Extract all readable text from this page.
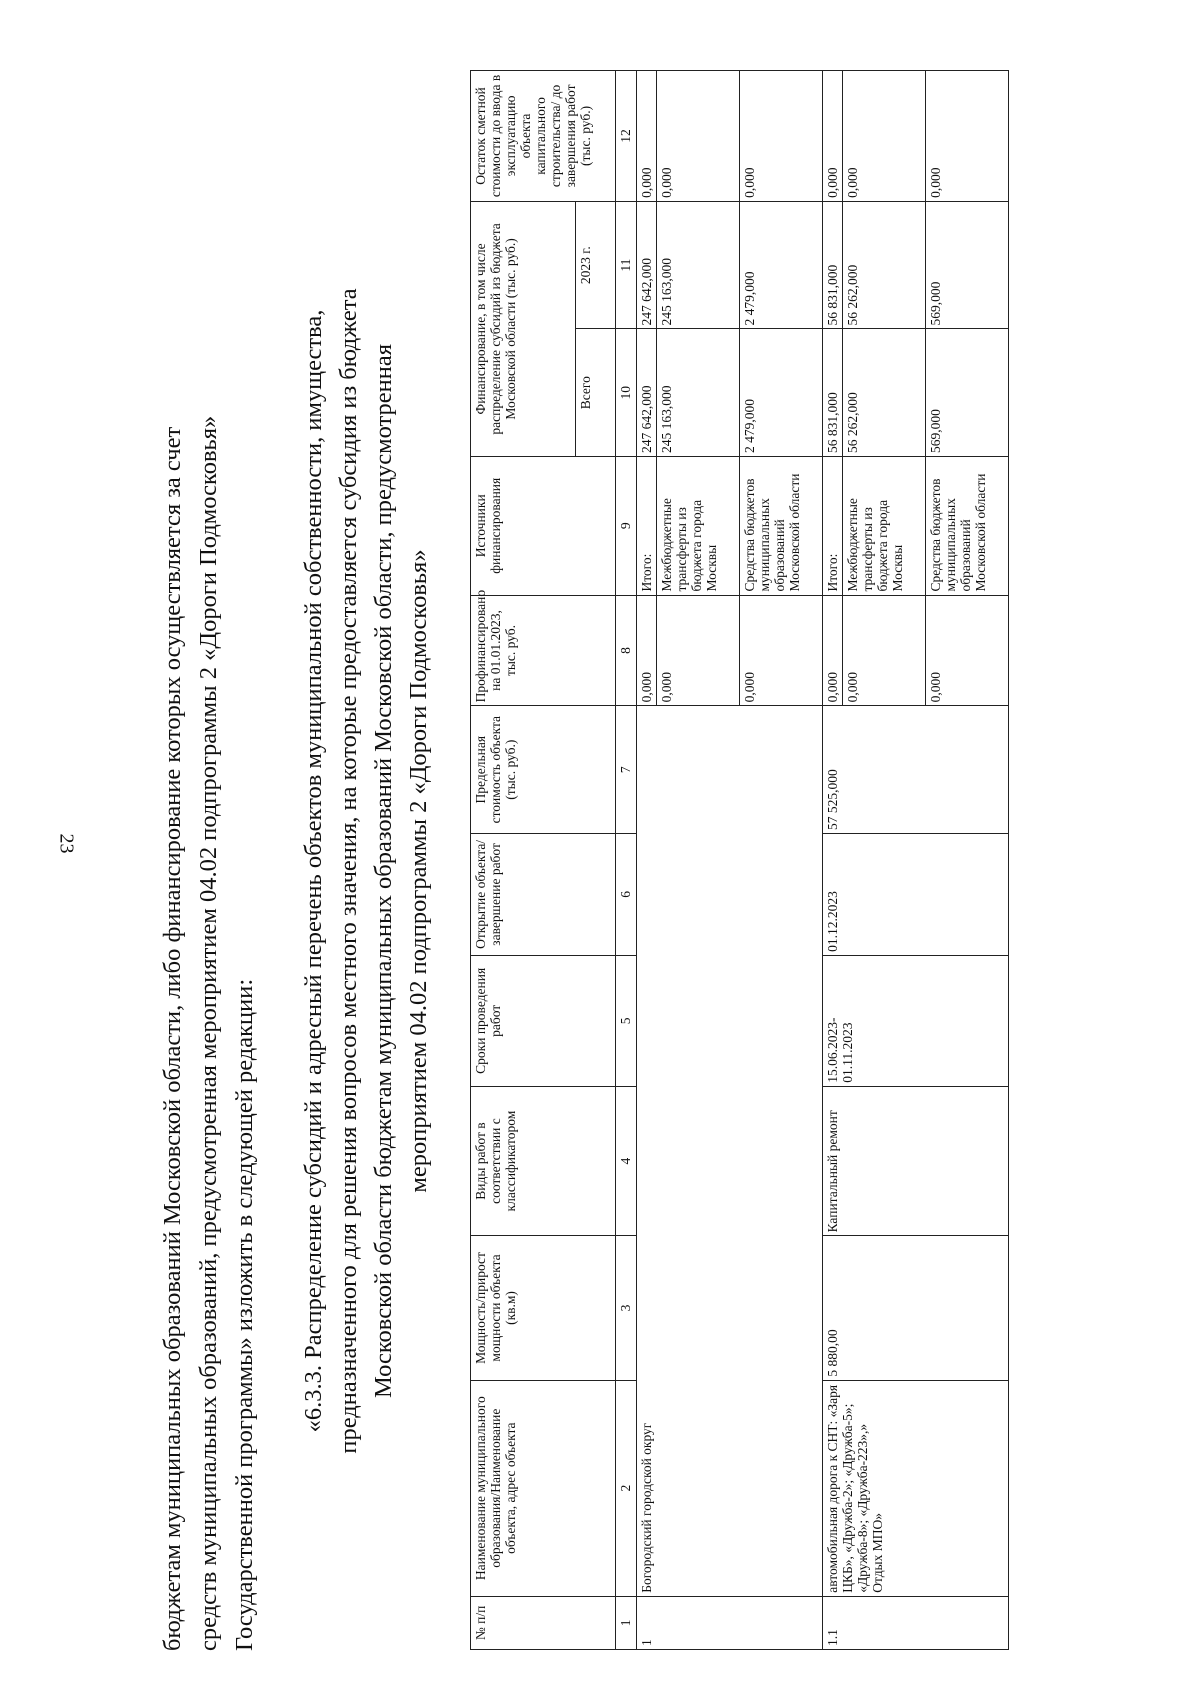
23	бюджетам муниципальных образований Московской области, либо финансирование которых осуществляется за счет средств муниципальных образований, предусмотренная мероприятием 04.02 подпрограммы 2 «Дороги Подмосковья» Государственной программы» изложить в следующей редакции: «6.3.3. Распределение субсидий и адресный перечень объектов муниципальной собственности, имущества, предназначенного для решения вопросов местного значения, на которые предоставляется субсидия из бюджета Московской области бюджетам муниципальных образований Московской области, предусмотренная мероприятием 04.02 подпрограммы 2 «Дороги Подмосковья»
№ п/п	Наименование муниципального образования/Наименование объекта, адрес объекта	Мощность/прирост мощности объекта (кв.м)	Виды работ в соответствии с классификатором	Сроки проведения работ	Открытие объекта/ завершение работ	Предельная стоимость объекта (тыс. руб.)	Профинансировано на 01.01.2023, тыс. руб.	Источники финансирования	Финансирование, в том числе распределение субсидий из бюджета Московской области (тыс. руб.)		Остаток сметной стоимости до ввода в эксплуатацию объекта капитального строительства/ до завершения работ (тыс. руб.)
									Всего	2023 г.	
1	2	3	4	5	6	7	8	9	10	11	12
1	Богородский городской округ						0,000	Итого:	247 642,000	247 642,000	0,000
							0,000	Межбюджетные трансферты из бюджета города Москвы	245 163,000	245 163,000	0,000
							0,000	Средства бюджетов муниципальных образований Московской области	2 479,000	2 479,000	0,000
1.1	автомобильная дорога к СНТ: «Заря ЦКБ», «Дружба-2»; «Дружба-5»; «Дружба-8»; «Дружба-223»,» Отдых МПО»	5 880,00	Капитальный ремонт	15.06.2023-01.11.2023	01.12.2023	57 525,000	0,000	Итого:	56 831,000	56 831,000	0,000
							0,000	Межбюджетные трансферты из бюджета города Москвы	56 262,000	56 262,000	0,000
							0,000	Средства бюджетов муниципальных образований Московской области	569,000	569,000	0,000
